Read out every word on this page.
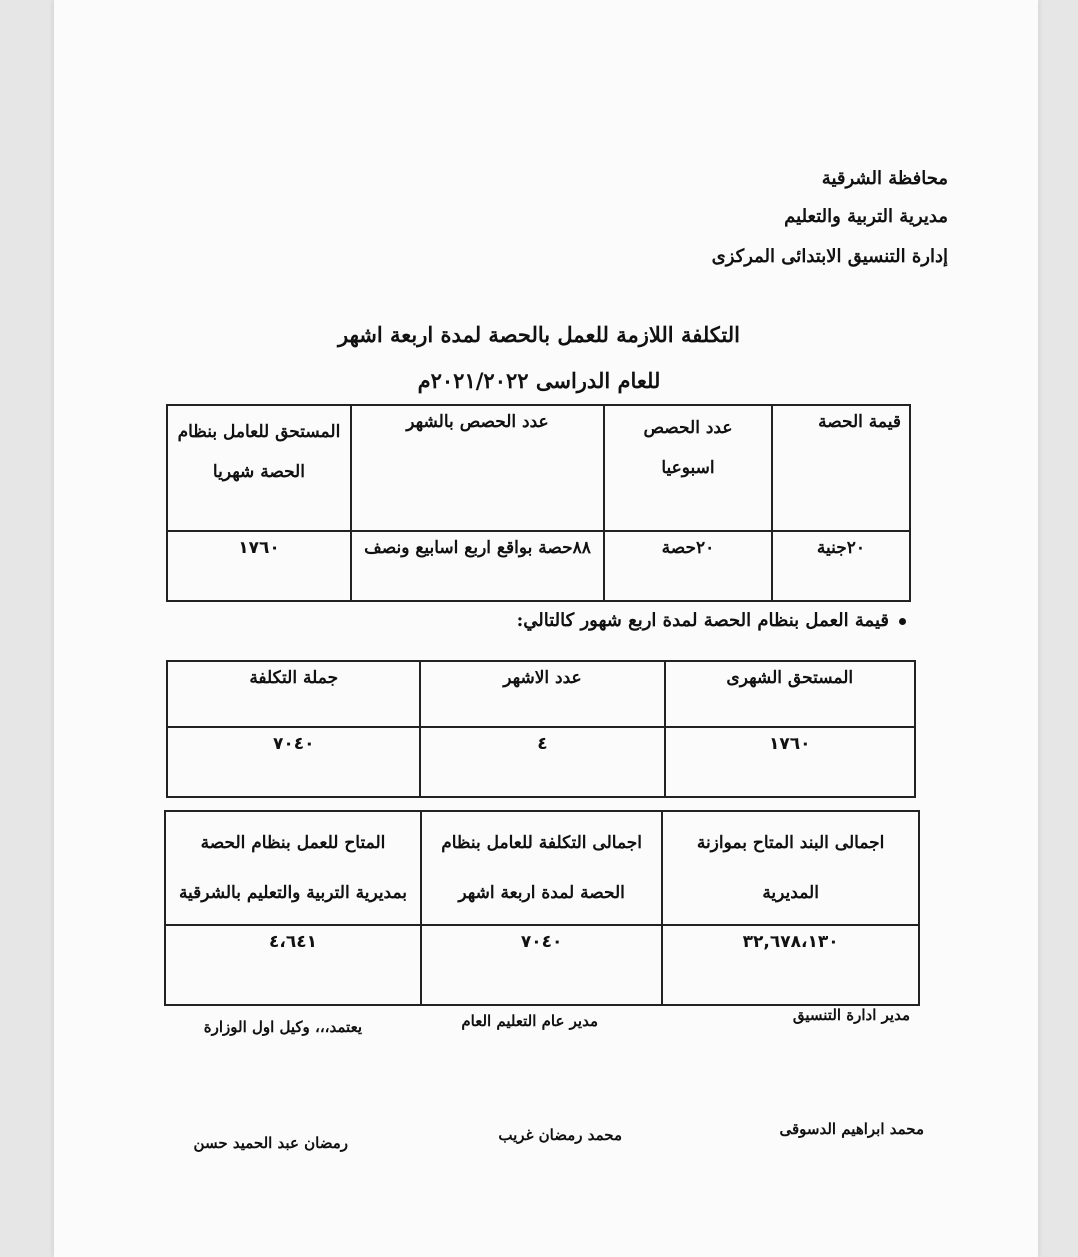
محافظة الشرقية
مديرية التربية والتعليم
إدارة التنسيق الابتدائى المركزى
التكلفة اللازمة للعمل بالحصة لمدة اربعة اشهر
للعام الدراسى ٢٠٢١/٢٠٢٢م
قيمة الحصة	عدد الحصص اسبوعيا	عدد الحصص بالشهر	المستحق للعامل بنظام الحصة شهريا
٢٠جنية	٢٠حصة	٨٨حصة بواقع اربع اسابيع ونصف	١٧٦٠
قيمة العمل بنظام الحصة لمدة اربع شهور كالتالي:
المستحق الشهرى	عدد الاشهر	جملة التكلفة
١٧٦٠	٤	٧٠٤٠
اجمالى البند المتاح بموازنة المديرية	اجمالى التكلفة للعامل بنظام الحصة لمدة اربعة اشهر	المتاح للعمل بنظام الحصة بمديرية التربية والتعليم بالشرقية
٣٢,٦٧٨،١٣٠	٧٠٤٠	٤،٦٤١
مدير ادارة التنسيق
مدير عام التعليم العام
يعتمد،،، وكيل اول الوزارة
محمد ابراهيم الدسوقى
محمد رمضان غريب
رمضان عبد الحميد حسن
